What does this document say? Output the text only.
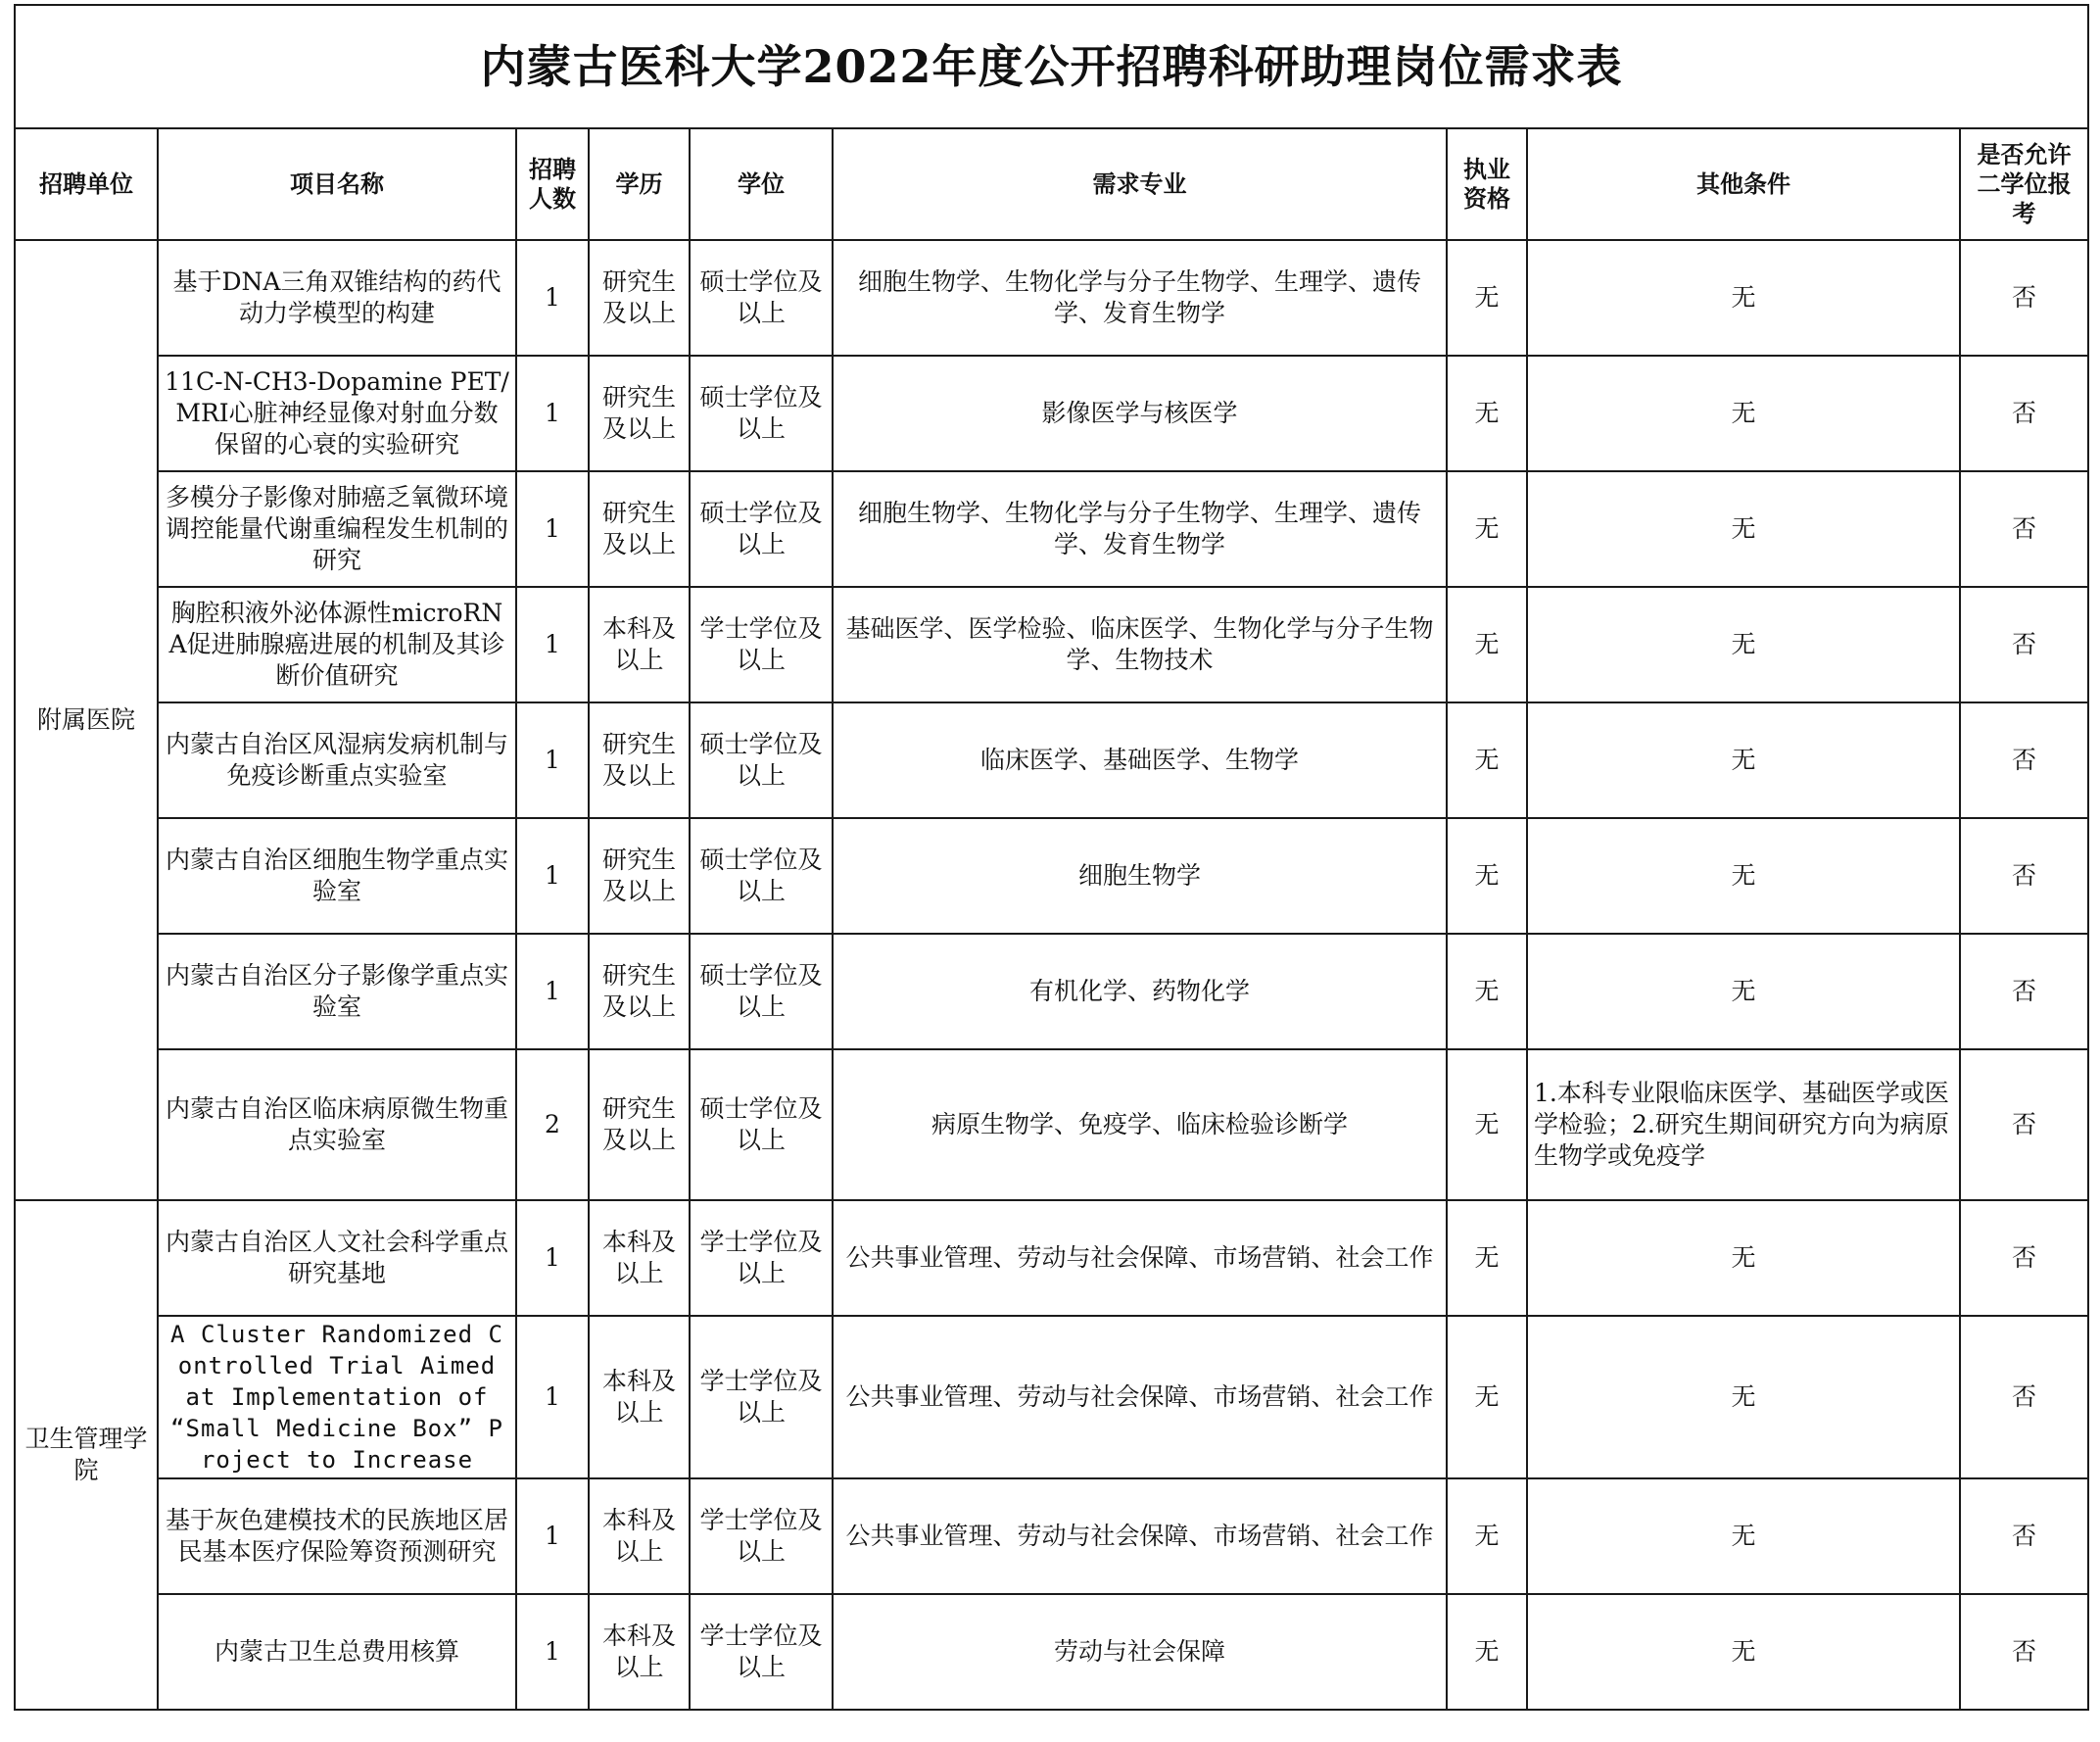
内蒙古医科大学2022年度公开招聘科研助理岗位需求表								
招聘单位	项目名称	招聘人数	学历	学位	需求专业	执业资格	其他条件	是否允许二学位报考
附属医院	基于DNA三角双锥结构的药代动力学模型的构建	1	研究生及以上	硕士学位及以上	细胞生物学、生物化学与分子生物学、生理学、遗传学、发育生物学	无	无	否
	11C-N-CH3-Dopamine PET/MRI心脏神经显像对射血分数保留的心衰的实验研究	1	研究生及以上	硕士学位及以上	影像医学与核医学	无	无	否
	多模分子影像对肺癌乏氧微环境调控能量代谢重编程发生机制的研究	1	研究生及以上	硕士学位及以上	细胞生物学、生物化学与分子生物学、生理学、遗传学、发育生物学	无	无	否
	胸腔积液外泌体源性microRNA促进肺腺癌进展的机制及其诊断价值研究	1	本科及以上	学士学位及以上	基础医学、医学检验、临床医学、生物化学与分子生物学、生物技术	无	无	否
	内蒙古自治区风湿病发病机制与免疫诊断重点实验室	1	研究生及以上	硕士学位及以上	临床医学、基础医学、生物学	无	无	否
	内蒙古自治区细胞生物学重点实验室	1	研究生及以上	硕士学位及以上	细胞生物学	无	无	否
	内蒙古自治区分子影像学重点实验室	1	研究生及以上	硕士学位及以上	有机化学、药物化学	无	无	否
	内蒙古自治区临床病原微生物重点实验室	2	研究生及以上	硕士学位及以上	病原生物学、免疫学、临床检验诊断学	无	1.本科专业限临床医学、基础医学或医学检验；2.研究生期间研究方向为病原生物学或免疫学	否
卫生管理学院	内蒙古自治区人文社会科学重点研究基地	1	本科及以上	学士学位及以上	公共事业管理、劳动与社会保障、市场营销、社会工作	无	无	否
	A Cluster Randomized Controlled Trial Aimed at Implementation of “Small Medicine Box” Project to Increase	1	本科及以上	学士学位及以上	公共事业管理、劳动与社会保障、市场营销、社会工作	无	无	否
	基于灰色建模技术的民族地区居民基本医疗保险筹资预测研究	1	本科及以上	学士学位及以上	公共事业管理、劳动与社会保障、市场营销、社会工作	无	无	否
	内蒙古卫生总费用核算	1	本科及以上	学士学位及以上	劳动与社会保障	无	无	否
